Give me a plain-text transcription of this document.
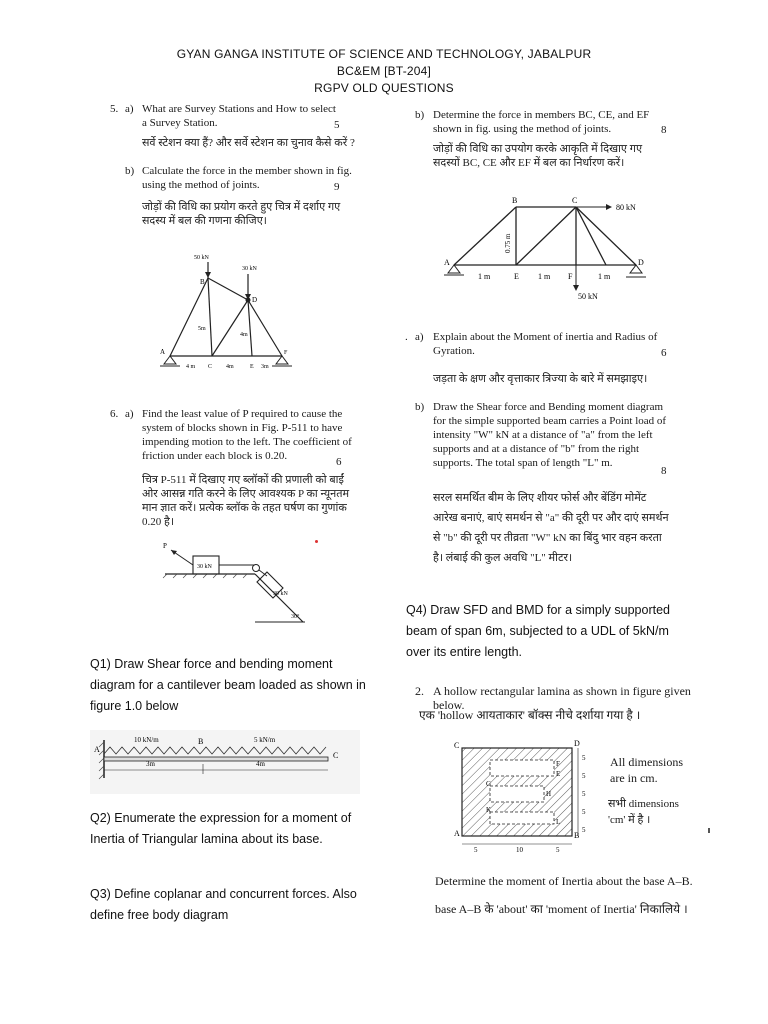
GYAN GANGA INSTITUTE OF SCIENCE AND TECHNOLOGY, JABALPUR
BC&EM [BT-204]
RGPV OLD QUESTIONS
5. a) What are Survey Stations and How to select a Survey Station.	5
सर्वे स्टेशन क्या हैं? और सर्वे स्टेशन का चुनाव कैसे करें ?
b) Calculate the force in the member shown in fig. using the method of joints.	9
जोड़ों की विधि का प्रयोग करते हुए चित्र में दर्शाए गए सदस्य में बल की गणना कीजिए।
50 kN
30 kN
B
D
A
C	E
F
5m
4m
4 m	4m	3m
6. a) Find the least value of P required to cause the system of blocks shown in Fig. P-511 to have impending motion to the left. The coefficient of friction under each block is 0.20.	6
चित्र P-511 में दिखाए गए ब्लॉकों की प्रणाली को बाईं ओर आसन्न गति करने के लिए आवश्यक P का न्यूनतम मान ज्ञात करें। प्रत्येक ब्लॉक के तहत घर्षण का गुणांक 0.20 है।
P
30 kN
30 kN
30°
Q1) Draw Shear force and bending moment diagram for a cantilever beam loaded as shown in figure 1.0 below
A
B
C
10 kN/m	5 kN/m
3m	4m
Q2) Enumerate the expression for a moment of Inertia of Triangular lamina about its base.
Q3) Define coplanar and concurrent forces. Also define free body diagram
b) Determine the force in members BC, CE, and EF shown in fig. using the method of joints.	8
जोड़ों की विधि का उपयोग करके आकृति में दिखाए गए सदस्यों BC, CE और EF में बल का निर्धारण करें।
B	C
A	D
E	F
80 kN
50 kN
0.75 m
1 m	1 m	1 m
. a) Explain about the Moment of inertia and Radius of Gyration.	6
जड़ता के क्षण और वृत्ताकार त्रिज्या के बारे में समझाइए।
b) Draw the Shear force and Bending moment diagram for the simple supported beam carries a Point load of intensity "W" kN at a distance of "a" from the left supports and at a distance of "b" from the right supports. The total span of length "L" m.
8
सरल समर्थित बीम के लिए शीयर फोर्स और बेंडिंग मोमेंट आरेख बनाएं, बाएं समर्थन से "a" की दूरी पर और दाएं समर्थन से "b" की दूरी पर तीव्रता "W" kN का बिंदु भार वहन करता है। लंबाई की कुल अवधि "L" मीटर।
Q4) Draw SFD and BMD for a simply supported beam of span 6m, subjected to a UDL of 5kN/m over its entire length.
2. A hollow rectangular lamina as shown in figure given below.
एक 'hollow आयताकार' बॉक्स नीचे दर्शाया गया है ।
C	D
A	B
G
H
K
L
F
E
5
5
5
5
5
5	10	5
All dimensions are in cm.
सभी dimensions 'cm' में है ।
Determine the moment of Inertia about the base A–B.
base A–B के 'about' का 'moment of Inertia' निकालिये ।
